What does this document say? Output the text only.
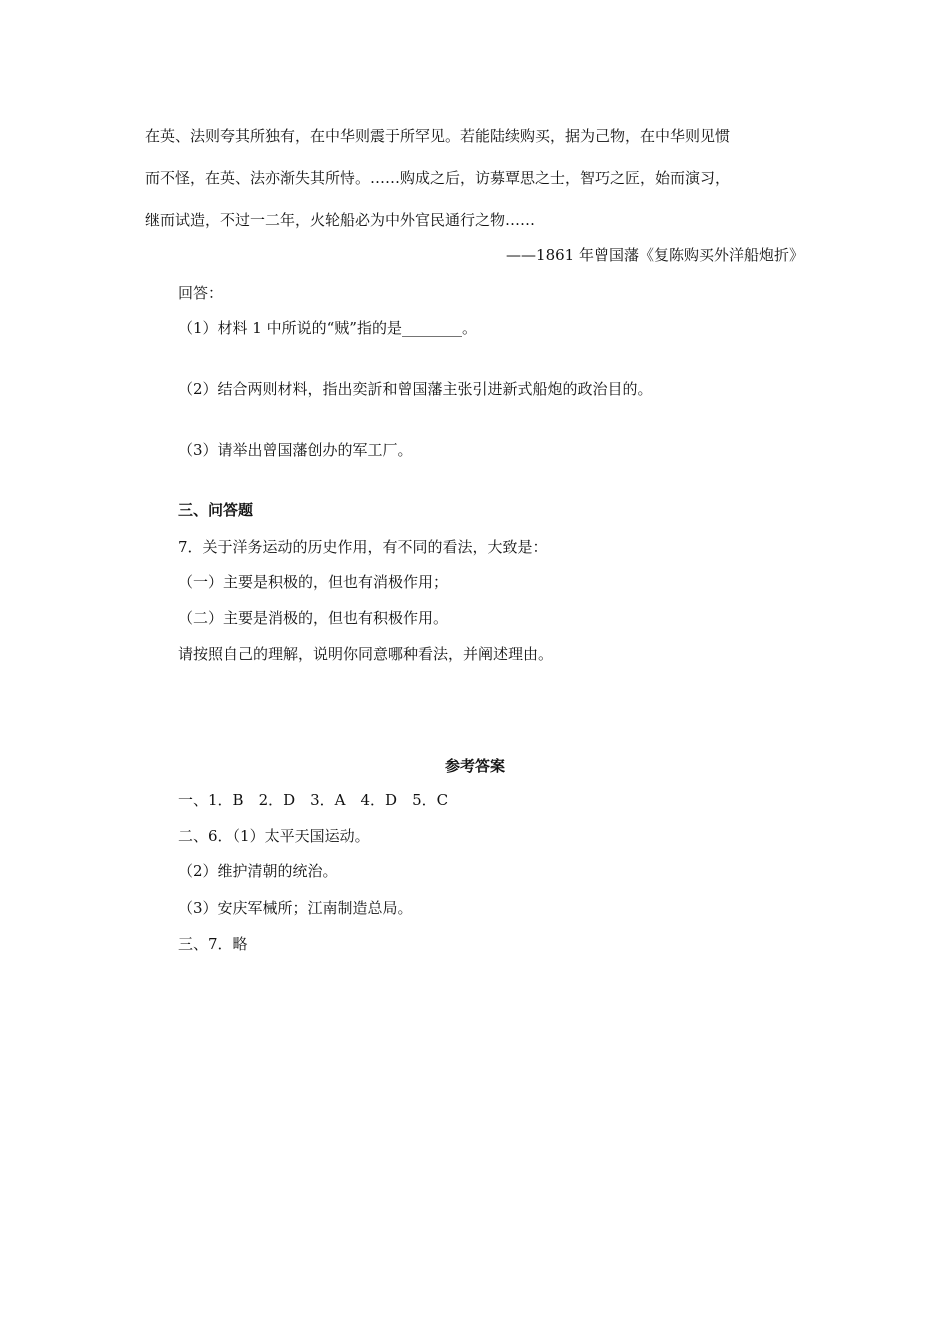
在英、法则夸其所独有，在中华则震于所罕见。若能陆续购买，据为己物，在中华则见惯
而不怪，在英、法亦渐失其所恃。……购成之后，访募覃思之士，智巧之匠，始而演习，
继而试造，不过一二年，火轮船必为中外官民通行之物……
——1861 年曾国藩《复陈购买外洋船炮折》
回答：
（1）材料 1 中所说的“贼”指的是________。
（2）结合两则材料，指出奕訢和曾国藩主张引进新式船炮的政治目的。
（3）请举出曾国藩创办的军工厂。
三、问答题
7．关于洋务运动的历史作用，有不同的看法，大致是：
（一）主要是积极的，但也有消极作用；
（二）主要是消极的，但也有积极作用。
请按照自己的理解，说明你同意哪种看法，并阐述理由。
参考答案
一、1．B　2．D　3．A　4．D　5．C
二、6．（1）太平天国运动。
（2）维护清朝的统治。
（3）安庆军械所；江南制造总局。
三、7．略
